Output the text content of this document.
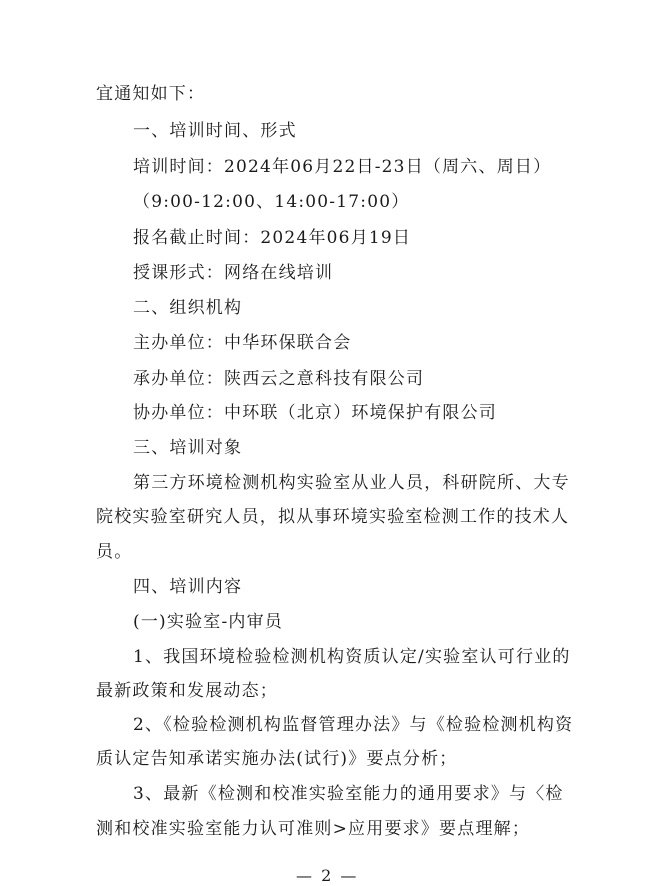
宜通知如下：
一、培训时间、形式
培训时间：2024年06月22日-23日（周六、周日）
（9:00-12:00、14:00-17:00）
报名截止时间：2024年06月19日
授课形式：网络在线培训
二、组织机构
主办单位：中华环保联合会
承办单位：陕西云之意科技有限公司
协办单位：中环联（北京）环境保护有限公司
三、培训对象
第三方环境检测机构实验室从业人员，科研院所、大专
院校实验室研究人员，拟从事环境实验室检测工作的技术人
员。
四、培训内容
(一)实验室-内审员
1、我国环境检验检测机构资质认定/实验室认可行业的
最新政策和发展动态；
2、《检验检测机构监督管理办法》与《检验检测机构资
质认定告知承诺实施办法(试行)》要点分析；
3、最新《检测和校准实验室能力的通用要求》与〈检
测和校准实验室能力认可准则>应用要求》要点理解；
— 2 —
